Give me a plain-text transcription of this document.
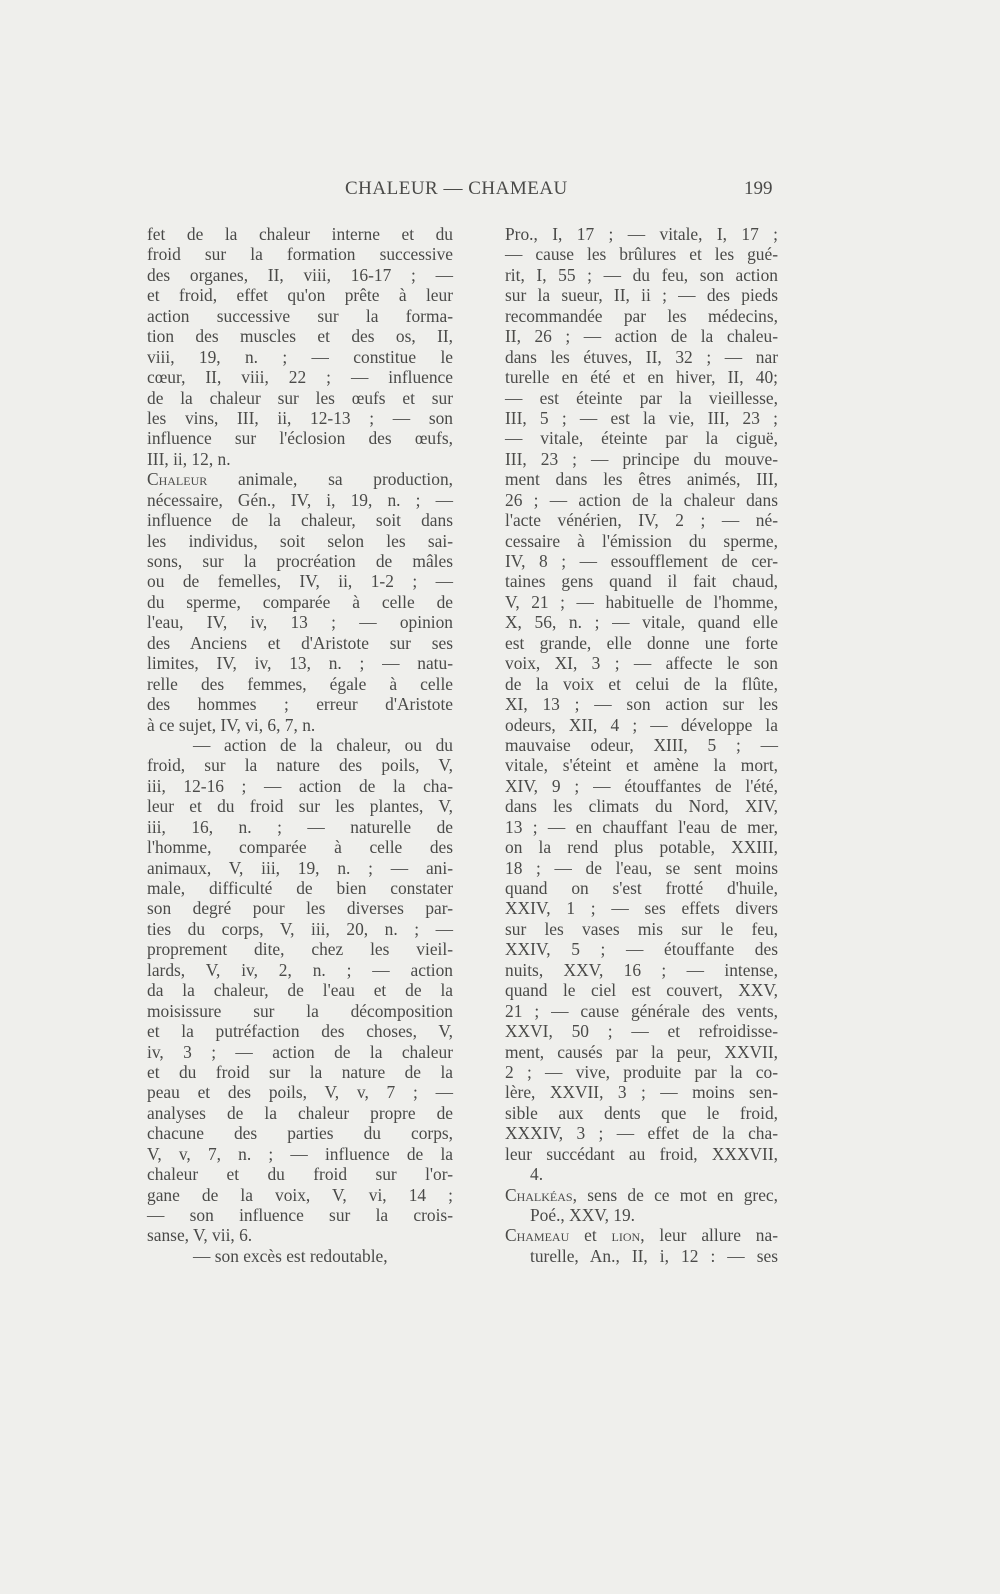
CHALEUR — CHAMEAU	199
fet de la chaleur interne et du
froid sur la formation successive
des organes, II, viii, 16-17 ; —
et froid, effet qu'on prête à leur
action successive sur la forma-
tion des muscles et des os, II,
viii, 19, n. ; — constitue le
cœur, II, viii, 22 ; — influence
de la chaleur sur les œufs et sur
les vins, III, ii, 12-13 ; — son
influence sur l'éclosion des œufs,
III, ii, 12, n.
Chaleur animale, sa production,
nécessaire, Gén., IV, i, 19, n. ; —
influence de la chaleur, soit dans
les individus, soit selon les sai-
sons, sur la procréation de mâles
ou de femelles, IV, ii, 1-2 ; —
du sperme, comparée à celle de
l'eau, IV, iv, 13 ; — opinion
des Anciens et d'Aristote sur ses
limites, IV, iv, 13, n. ; — natu-
relle des femmes, égale à celle
des hommes ; erreur d'Aristote
à ce sujet, IV, vi, 6, 7, n.
— action de la chaleur, ou du
froid, sur la nature des poils, V,
iii, 12-16 ; — action de la cha-
leur et du froid sur les plantes, V,
iii, 16, n. ; — naturelle de
l'homme, comparée à celle des
animaux, V, iii, 19, n. ; — ani-
male, difficulté de bien constater
son degré pour les diverses par-
ties du corps, V, iii, 20, n. ; —
proprement dite, chez les vieil-
lards, V, iv, 2, n. ; — action
da la chaleur, de l'eau et de la
moisissure sur la décomposition
et la putréfaction des choses, V,
iv, 3 ; — action de la chaleur
et du froid sur la nature de la
peau et des poils, V, v, 7 ; —
analyses de la chaleur propre de
chacune des parties du corps,
V, v, 7, n. ; — influence de la
chaleur et du froid sur l'or-
gane de la voix, V, vi, 14 ;
— son influence sur la crois-
sanse, V, vii, 6.
— son excès est redoutable,
Pro., I, 17 ; — vitale, I, 17 ;
— cause les brûlures et les gué-
rit, I, 55 ; — du feu, son action
sur la sueur, II, ii ; — des pieds
recommandée par les médecins,
II, 26 ; — action de la chaleu-
dans les étuves, II, 32 ; — nar
turelle en été et en hiver, II, 40;
— est éteinte par la vieillesse,
III, 5 ; — est la vie, III, 23 ;
— vitale, éteinte par la ciguë,
III, 23 ; — principe du mouve-
ment dans les êtres animés, III,
26 ; — action de la chaleur dans
l'acte vénérien, IV, 2 ; — né-
cessaire à l'émission du sperme,
IV, 8 ; — essoufflement de cer-
taines gens quand il fait chaud,
V, 21 ; — habituelle de l'homme,
X, 56, n. ; — vitale, quand elle
est grande, elle donne une forte
voix, XI, 3 ; — affecte le son
de la voix et celui de la flûte,
XI, 13 ; — son action sur les
odeurs, XII, 4 ; — développe la
mauvaise odeur, XIII, 5 ; —
vitale, s'éteint et amène la mort,
XIV, 9 ; — étouffantes de l'été,
dans les climats du Nord, XIV,
13 ; — en chauffant l'eau de mer,
on la rend plus potable, XXIII,
18 ; — de l'eau, se sent moins
quand on s'est frotté d'huile,
XXIV, 1 ; — ses effets divers
sur les vases mis sur le feu,
XXIV, 5 ; — étouffante des
nuits, XXV, 16 ; — intense,
quand le ciel est couvert, XXV,
21 ; — cause générale des vents,
XXVI, 50 ; — et refroidisse-
ment, causés par la peur, XXVII,
2 ; — vive, produite par la co-
lère, XXVII, 3 ; — moins sen-
sible aux dents que le froid,
XXXIV, 3 ; — effet de la cha-
leur succédant au froid, XXXVII,
4.
Chalkéas, sens de ce mot en grec,
Poé., XXV, 19.
Chameau et lion, leur allure na-
turelle, An., II, i, 12 : — ses
